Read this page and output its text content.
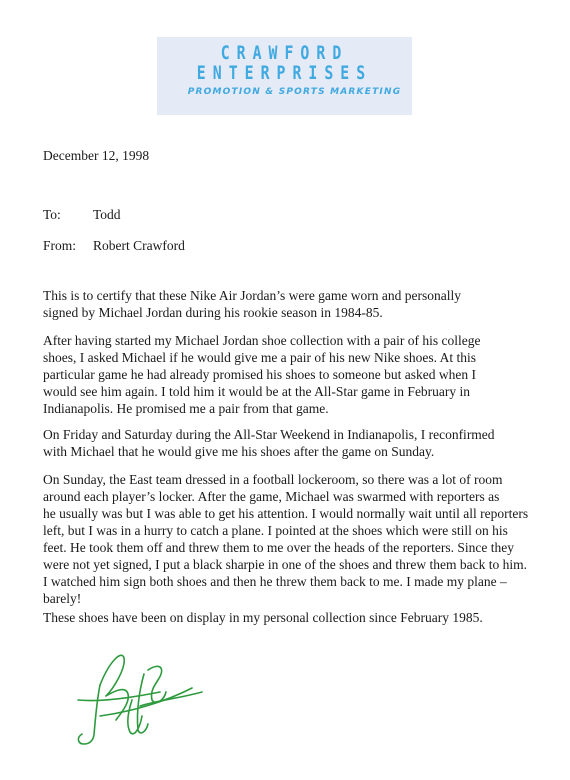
CRAWFORD
ENTERPRISES
PROMOTION & SPORTS MARKETING

December 12, 1998

To: Todd

From: Robert Crawford

This is to certify that these Nike Air Jordan’s were game worn and personally
signed by Michael Jordan during his rookie season in 1984-85.
After having started my Michael Jordan shoe collection with a pair of his college
shoes, I asked Michael if he would give me a pair of his new Nike shoes. At this
particular game he had already promised his shoes to someone but asked when I
would see him again. I told him it would be at the All-Star game in February in
Indianapolis. He promised me a pair from that game.
On Friday and Saturday during the All-Star Weekend in Indianapolis, I reconfirmed
with Michael that he would give me his shoes after the game on Sunday.
On Sunday, the East team dressed in a football lockeroom, so there was a lot of room
around each player’s locker. After the game, Michael was swarmed with reporters as
he usually was but I was able to get his attention. I would normally wait until all reporters
left, but I was in a hurry to catch a plane. I pointed at the shoes which were still on his
feet. He took them off and threw them to me over the heads of the reporters. Since they
were not yet signed, I put a black sharpie in one of the shoes and threw them back to him.
I watched him sign both shoes and then he threw them back to me. I made my plane –
barely!
These shoes have been on display in my personal collection since February 1985.
